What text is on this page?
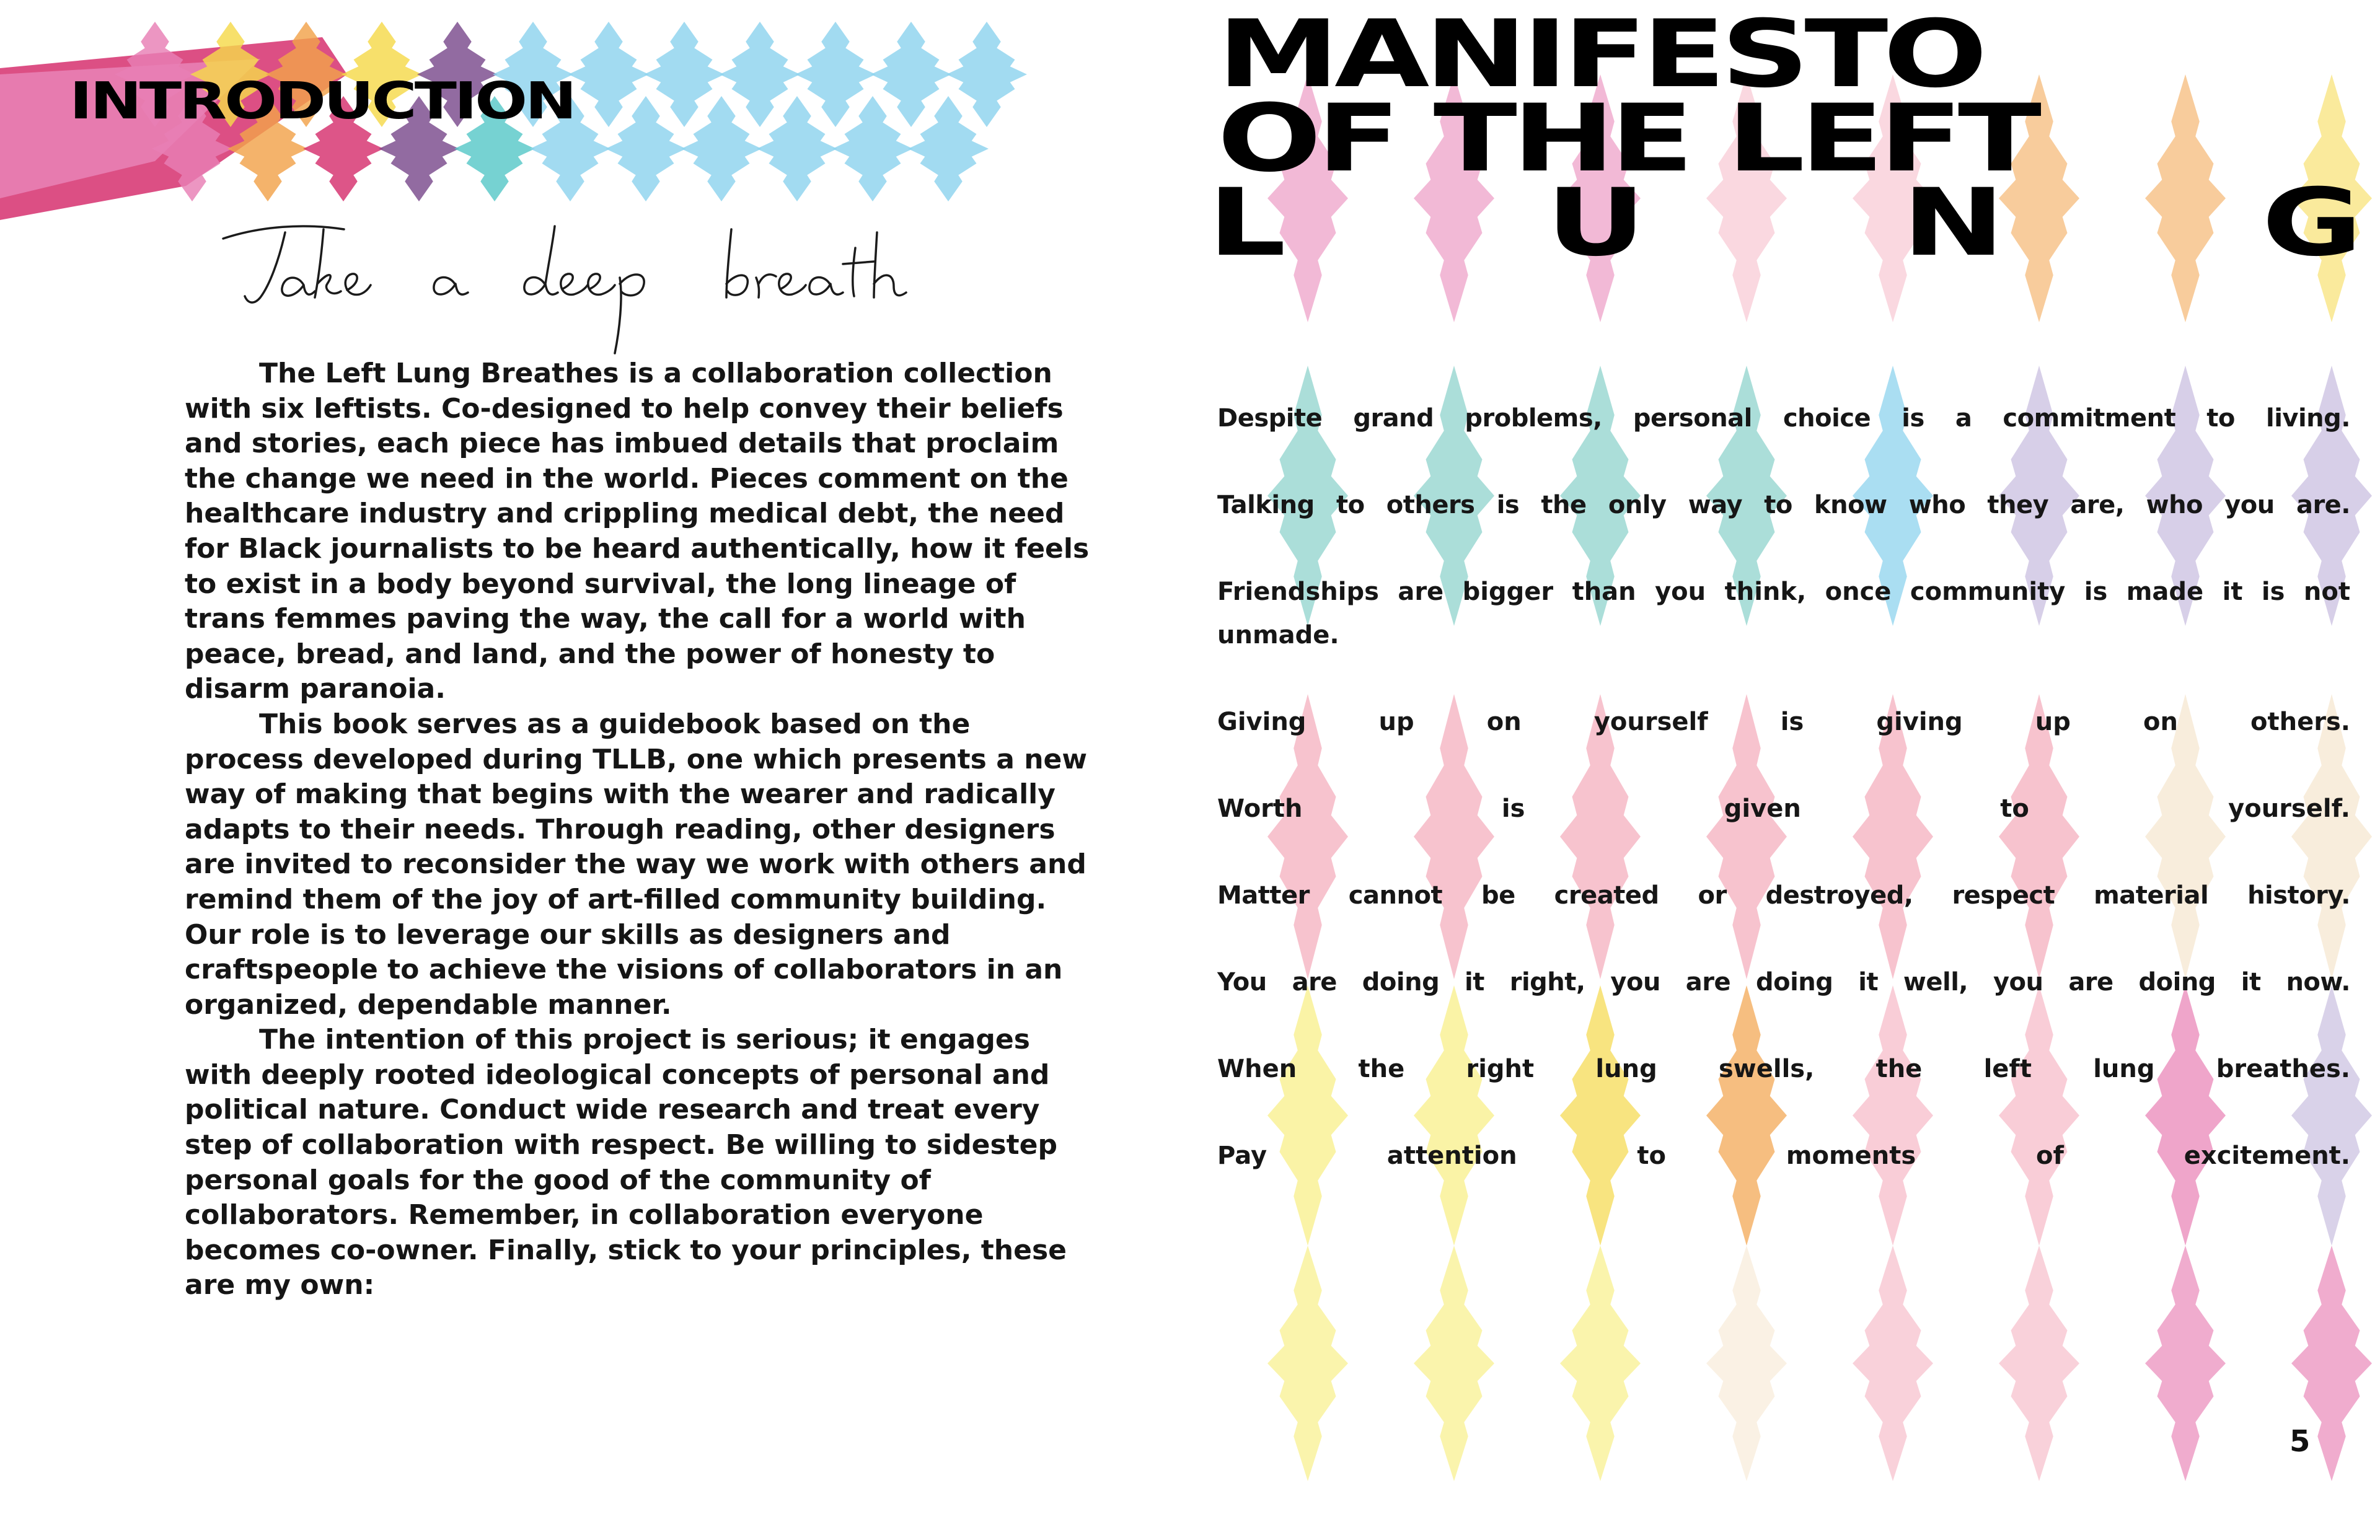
INTRODUCTION

The Left Lung Breathes is a collaboration collection with six leftists. Co-designed to help convey their beliefs and stories, each piece has imbued details that proclaim the change we need in the world. Pieces comment on the healthcare industry and crippling medical debt, the need for Black journalists to be heard authentically, how it feels to exist in a body beyond survival, the long lineage of trans femmes paving the way, the call for a world with peace, bread, and land, and the power of honesty to disarm paranoia.

This book serves as a guidebook based on the process developed during TLLB, one which presents a new way of making that begins with the wearer and radically adapts to their needs. Through reading, other designers are invited to reconsider the way we work with others and remind them of the joy of art-filled community building. Our role is to leverage our skills as designers and craftspeople to achieve the visions of collaborators in an organized, dependable manner.

The intention of this project is serious; it engages with deeply rooted ideological concepts of personal and political nature. Conduct wide research and treat every step of collaboration with respect. Be willing to sidestep personal goals for the good of the community of collaborators. Remember, in collaboration everyone becomes co-owner. Finally, stick to your principles, these are my own:

MANIFESTO
OF THE LEFT
L	U	N	G
Despite grand problems, personal choice is a commitment to living.
Talking to others is the only way to know who they are, who you are.
Friendships are bigger than you think, once community is made it is not unmade.
Giving up on yourself is giving up on others.
Worth is given to yourself.
Matter cannot be created or destroyed, respect material history.
You are doing it right, you are doing it well, you are doing it now.
When the right lung swells, the left lung breathes.
Pay attention to moments of excitement.
5
